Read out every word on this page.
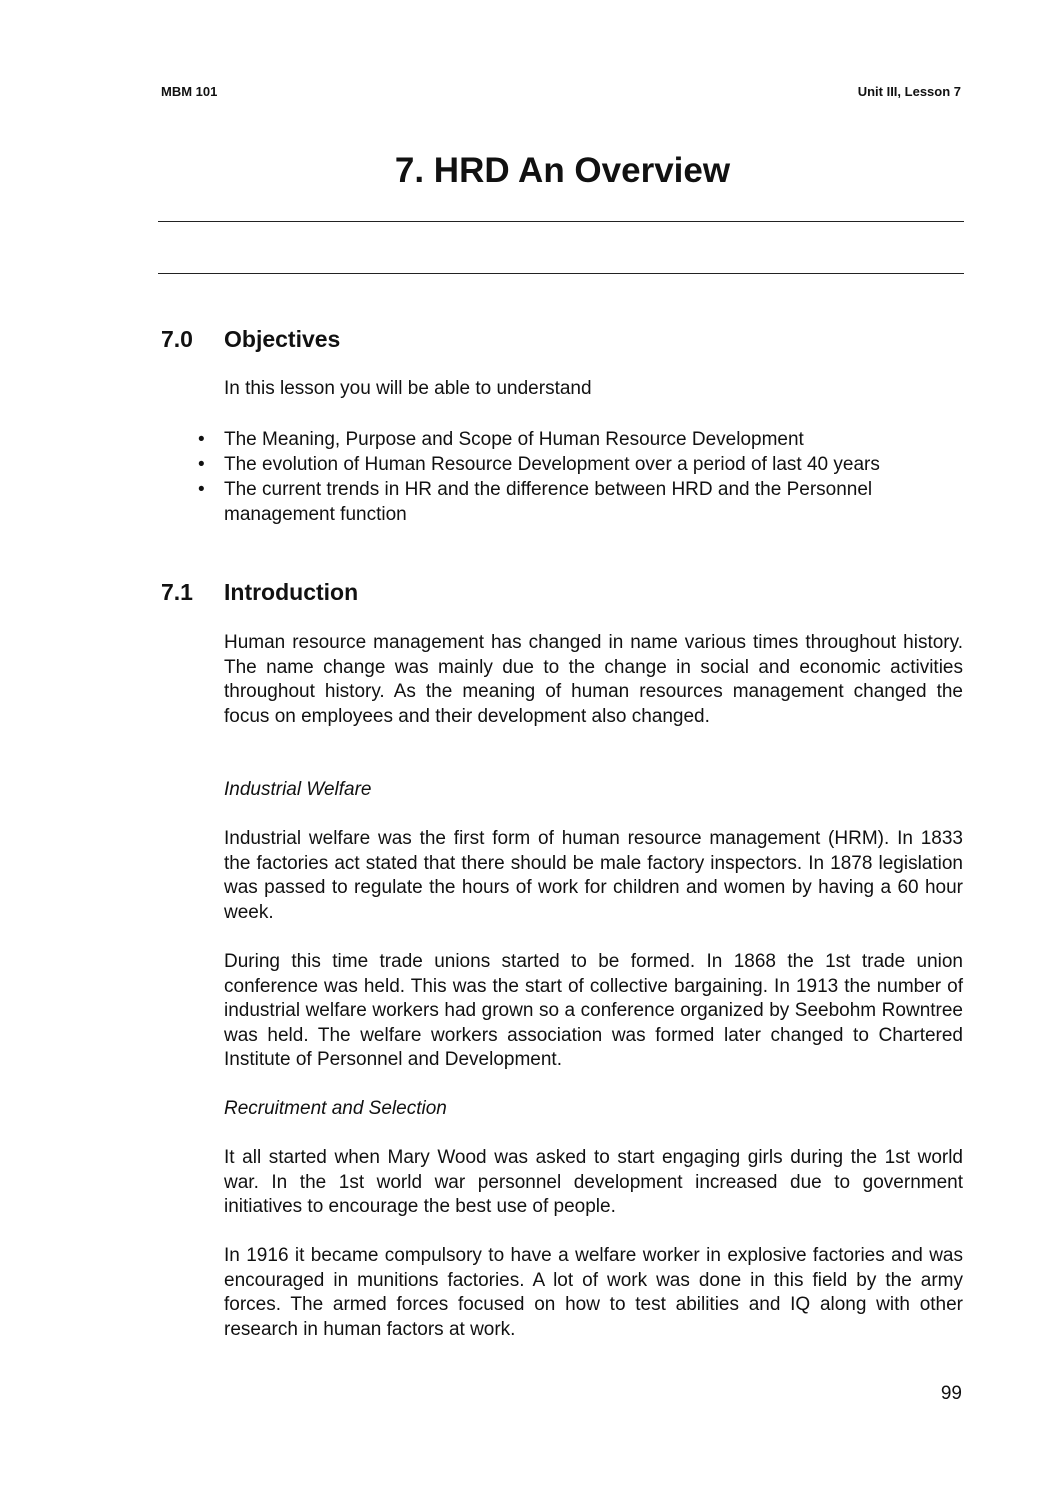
MBM 101	Unit III, Lesson 7
7. HRD An Overview
7.0 Objectives

In this lesson you will be able to understand

• The Meaning, Purpose and Scope of Human Resource Development
• The evolution of Human Resource Development over a period of last 40 years
• The current trends in HR and the difference between HRD and the Personnel management function
7.1 Introduction

Human resource management has changed in name various times throughout history. The name change was mainly due to the change in social and economic activities throughout history. As the meaning of human resources management changed the focus on employees and their development also changed.

Industrial Welfare

Industrial welfare was the first form of human resource management (HRM). In 1833 the factories act stated that there should be male factory inspectors. In 1878 legislation was passed to regulate the hours of work for children and women by having a 60 hour week.

During this time trade unions started to be formed. In 1868 the 1st trade union conference was held. This was the start of collective bargaining. In 1913 the number of industrial welfare workers had grown so a conference organized by Seebohm Rowntree was held. The welfare workers association was formed later changed to Chartered Institute of Personnel and Development.

Recruitment and Selection

It all started when Mary Wood was asked to start engaging girls during the 1st world war. In the 1st world war personnel development increased due to government initiatives to encourage the best use of people.

In 1916 it became compulsory to have a welfare worker in explosive factories and was encouraged in munitions factories. A lot of work was done in this field by the army forces. The armed forces focused on how to test abilities and IQ along with other research in human factors at work.

99
